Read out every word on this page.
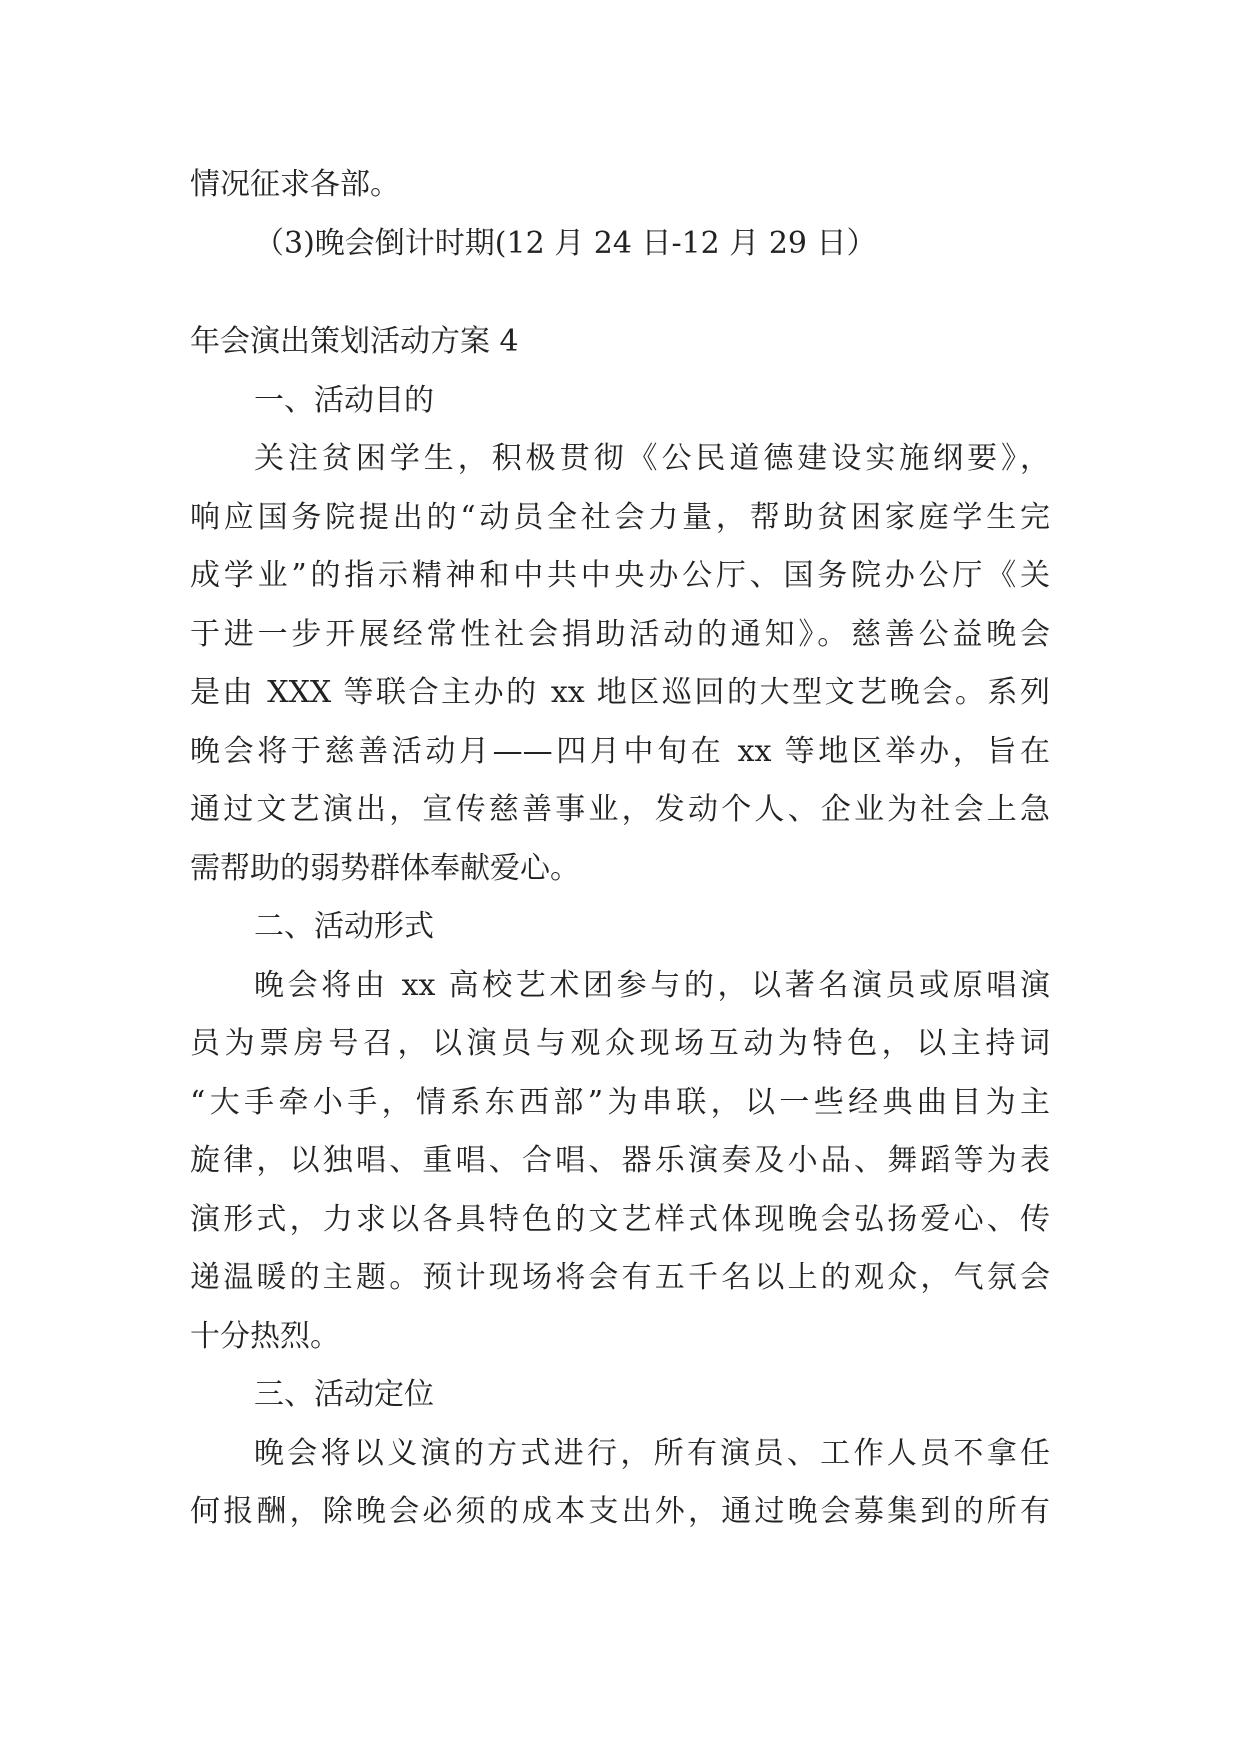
情况征求各部。
（3)晚会倒计时期(12 月 24 日-12 月 29 日）
年会演出策划活动方案 4
一、活动目的
关注贫困学生，积极贯彻《公民道德建设实施纲要》，
响应国务院提出的“动员全社会力量，帮助贫困家庭学生完
成学业”的指示精神和中共中央办公厅、国务院办公厅《关
于进一步开展经常性社会捐助活动的通知》。慈善公益晚会
是由 XXX 等联合主办的 xx 地区巡回的大型文艺晚会。系列
晚会将于慈善活动月——四月中旬在 xx 等地区举办，旨在
通过文艺演出，宣传慈善事业，发动个人、企业为社会上急
需帮助的弱势群体奉献爱心。
二、活动形式
晚会将由 xx 高校艺术团参与的，以著名演员或原唱演
员为票房号召，以演员与观众现场互动为特色，以主持词
“大手牵小手，情系东西部”为串联，以一些经典曲目为主
旋律，以独唱、重唱、合唱、器乐演奏及小品、舞蹈等为表
演形式，力求以各具特色的文艺样式体现晚会弘扬爱心、传
递温暖的主题。预计现场将会有五千名以上的观众，气氛会
十分热烈。
三、活动定位
晚会将以义演的方式进行，所有演员、工作人员不拿任
何报酬，除晚会必须的成本支出外，通过晚会募集到的所有
